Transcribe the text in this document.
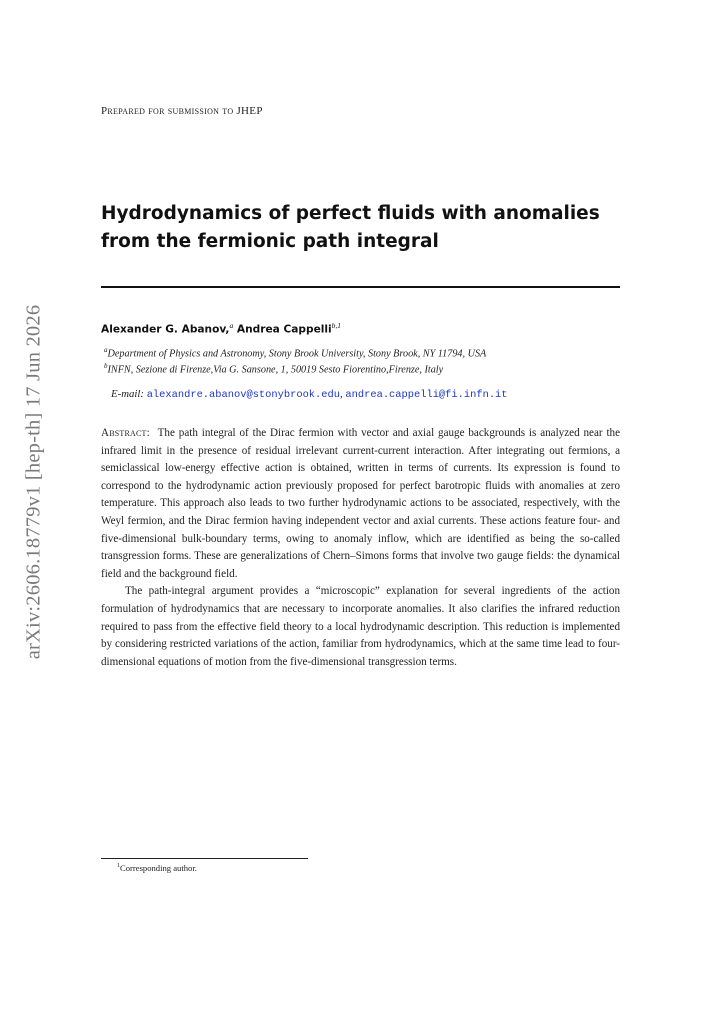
arXiv:2606.18779v1 [hep-th] 17 Jun 2026
Prepared for submission to JHEP
Hydrodynamics of perfect fluids with anomalies from the fermionic path integral
Alexander G. Abanov,$^a$ Andrea Cappelli$^{b,1}$
$^a$Department of Physics and Astronomy, Stony Brook University, Stony Brook, NY 11794, USA
$^b$INFN, Sezione di Firenze,Via G. Sansone, 1, 50019 Sesto Fiorentino,Firenze, Italy
E-mail: alexandre.abanov@stonybrook.edu, andrea.cappelli@fi.infn.it

Abstract: The path integral of the Dirac fermion with vector and axial gauge backgrounds is analyzed near the infrared limit in the presence of residual irrelevant current-current interaction. After integrating out fermions, a semiclassical low-energy effective action is obtained, written in terms of currents. Its expression is found to correspond to the hydrodynamic action previously proposed for perfect barotropic fluids with anomalies at zero temperature. This approach also leads to two further hydrodynamic actions to be associated, respectively, with the Weyl fermion, and the Dirac fermion having independent vector and axial currents. These actions feature four- and five-dimensional bulk-boundary terms, owing to anomaly inflow, which are identified as being the so-called transgression forms. These are generalizations of Chern–Simons forms that involve two gauge fields: the dynamical field and the background field.

The path-integral argument provides a “microscopic” explanation for several ingredients of the action formulation of hydrodynamics that are necessary to incorporate anomalies. It also clarifies the infrared reduction required to pass from the effective field theory to a local hydrodynamic description. This reduction is implemented by considering restricted variations of the action, familiar from hydrodynamics, which at the same time lead to four-dimensional equations of motion from the five-dimensional transgression terms.

$^1$Corresponding author.
